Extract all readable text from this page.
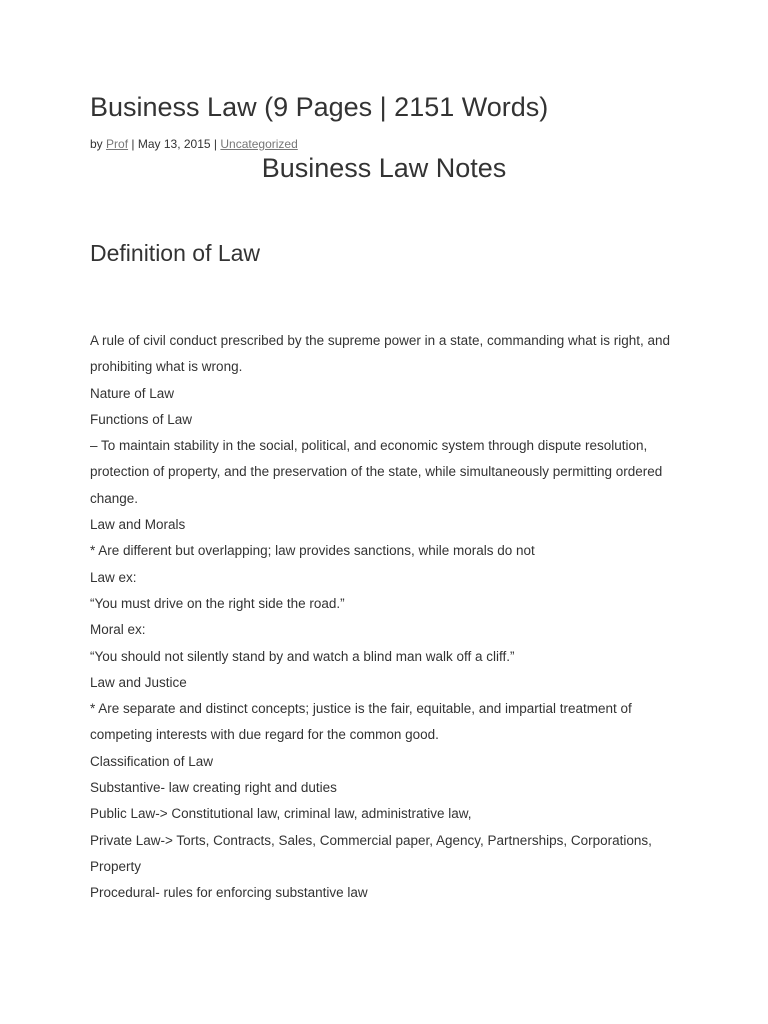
Business Law (9 Pages | 2151 Words)
by Prof | May 13, 2015 | Uncategorized
Business Law Notes
Definition of Law
A rule of civil conduct prescribed by the supreme power in a state, commanding what is right, and prohibiting what is wrong.
Nature of Law
Functions of Law
– To maintain stability in the social, political, and economic system through dispute resolution, protection of property, and the preservation of the state, while simultaneously permitting ordered change.
Law and Morals
* Are different but overlapping; law provides sanctions, while morals do not
Law ex:
“You must drive on the right side the road.”
Moral ex:
“You should not silently stand by and watch a blind man walk off a cliff.”
Law and Justice
* Are separate and distinct concepts; justice is the fair, equitable, and impartial treatment of competing interests with due regard for the common good.
Classification of Law
Substantive- law creating right and duties
Public Law-> Constitutional law, criminal law, administrative law,
Private Law-> Torts, Contracts, Sales, Commercial paper, Agency, Partnerships, Corporations, Property
Procedural- rules for enforcing substantive law
